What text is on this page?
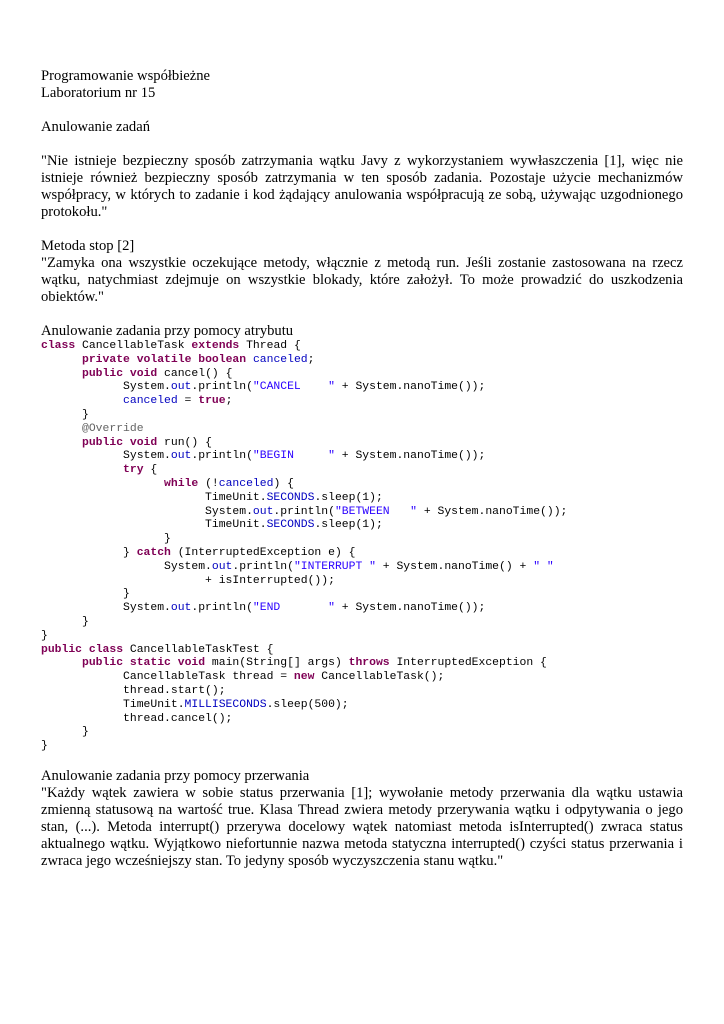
Programowanie współbieżne

Laboratorium nr 15

Anulowanie zadań

"Nie istnieje bezpieczny sposób zatrzymania wątku Javy z wykorzystaniem wywłaszczenia [1], więc nie istnieje również bezpieczny sposób zatrzymania w ten sposób zadania. Pozostaje użycie mechanizmów współpracy, w których to zadanie i kod żądający anulowania współpracują ze sobą, używając uzgodnionego protokołu."

Metoda stop [2]

"Zamyka ona wszystkie oczekujące metody, włącznie z metodą run. Jeśli zostanie zastosowana na rzecz wątku, natychmiast zdejmuje on wszystkie blokady, które założył. To może prowadzić do uszkodzenia obiektów."

Anulowanie zadania przy pomocy atrybutu

class CancellableTask extends Thread {
private volatile boolean canceled;
public void cancel() {
System.out.println("CANCEL    " + System.nanoTime());
canceled = true;
}
@Override
public void run() {
System.out.println("BEGIN     " + System.nanoTime());
try {
while (!canceled) {
TimeUnit.SECONDS.sleep(1);
System.out.println("BETWEEN   " + System.nanoTime());
TimeUnit.SECONDS.sleep(1);
}
} catch (InterruptedException e) {
System.out.println("INTERRUPT " + System.nanoTime() + " "
+ isInterrupted());
}
System.out.println("END       " + System.nanoTime());
}
}
public class CancellableTaskTest {
public static void main(String[] args) throws InterruptedException {
CancellableTask thread = new CancellableTask();
thread.start();
TimeUnit.MILLISECONDS.sleep(500);
thread.cancel();
}
}

Anulowanie zadania przy pomocy przerwania

"Każdy wątek zawiera w sobie status przerwania [1]; wywołanie metody przerwania dla wątku ustawia zmienną statusową na wartość true. Klasa Thread zwiera metody przerywania wątku i odpytywania o jego stan, (...). Metoda interrupt() przerywa docelowy wątek natomiast metoda isInterrupted() zwraca status aktualnego wątku. Wyjątkowo niefortunnie nazwa metoda statyczna interrupted() czyści status przerwania i zwraca jego wcześniejszy stan. To jedyny sposób wyczyszczenia stanu wątku."
